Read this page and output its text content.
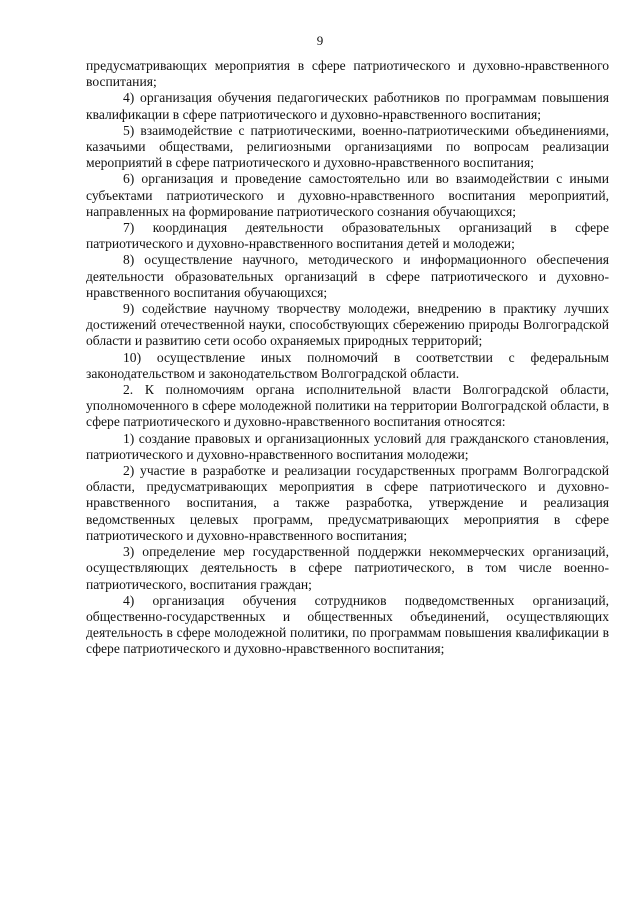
9

предусматривающих мероприятия в сфере патриотического и духовно-нравственного воспитания;

4) организация обучения педагогических работников по программам повышения квалификации в сфере патриотического и духовно-нравственного воспитания;

5) взаимодействие с патриотическими, военно-патриотическими объединениями, казачьими обществами, религиозными организациями по вопросам реализации мероприятий в сфере патриотического и духовно-нравственного воспитания;

6) организация и проведение самостоятельно или во взаимодействии с иными субъектами патриотического и духовно-нравственного воспитания мероприятий, направленных на формирование патриотического сознания обучающихся;

7) координация деятельности образовательных организаций в сфере патриотического и духовно-нравственного воспитания детей и молодежи;

8) осуществление научного, методического и информационного обеспечения деятельности образовательных организаций в сфере патриотического и духовно-нравственного воспитания обучающихся;

9) содействие научному творчеству молодежи, внедрению в практику лучших достижений отечественной науки, способствующих сбережению природы Волгоградской области и развитию сети особо охраняемых природных территорий;

10) осуществление иных полномочий в соответствии с федеральным законодательством и законодательством Волгоградской области.

2. К полномочиям органа исполнительной власти Волгоградской области, уполномоченного в сфере молодежной политики на территории Волгоградской области, в сфере патриотического и духовно-нравственного воспитания относятся:

1) создание правовых и организационных условий для гражданского становления, патриотического и духовно-нравственного воспитания молодежи;

2) участие в разработке и реализации государственных программ Волгоградской области, предусматривающих мероприятия в сфере патриотического и духовно-нравственного воспитания, а также разработка, утверждение и реализация ведомственных целевых программ, предусматривающих мероприятия в сфере патриотического и духовно-нравственного воспитания;

3) определение мер государственной поддержки некоммерческих организаций, осуществляющих деятельность в сфере патриотического, в том числе военно-патриотического, воспитания граждан;

4) организация обучения сотрудников подведомственных организаций, общественно-государственных и общественных объединений, осуществляющих деятельность в сфере молодежной политики, по программам повышения квалификации в сфере патриотического и духовно-нравственного воспитания;
